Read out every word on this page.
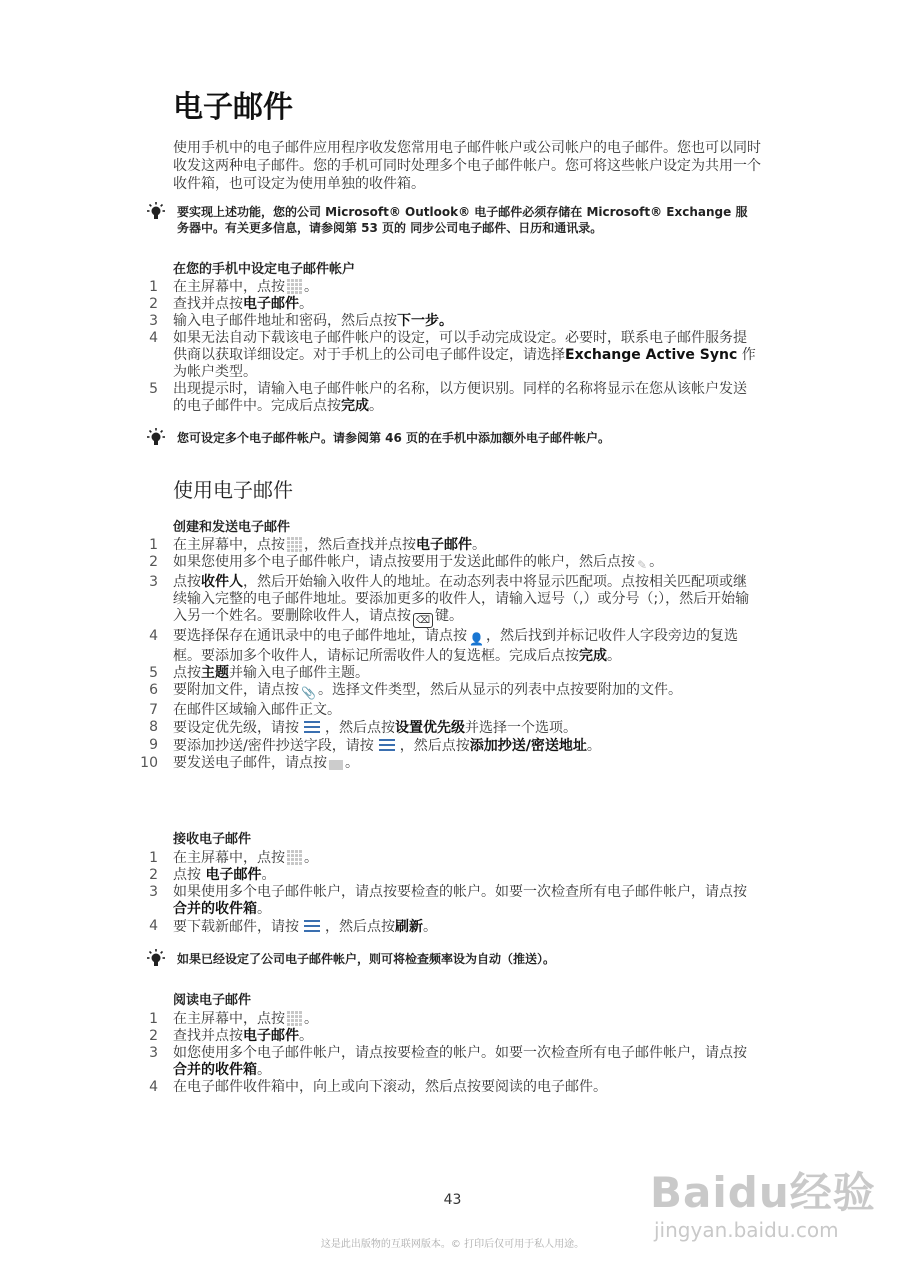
电子邮件

使用手机中的电子邮件应用程序收发您常用电子邮件帐户或公司帐户的电子邮件。您也可以同时收发这两种电子邮件。您的手机可同时处理多个电子邮件帐户。您可将这些帐户设定为共用一个收件箱，也可设定为使用单独的收件箱。

要实现上述功能，您的公司 Microsoft® Outlook® 电子邮件必须存储在 Microsoft® Exchange 服务器中。有关更多信息，请参阅第 53 页的 同步公司电子邮件、日历和通讯录。
在您的手机中设定电子邮件帐户
1 在主屏幕中，点按 。
2 查找并点按电子邮件。
3 输入电子邮件地址和密码，然后点按下一步。
4 如果无法自动下载该电子邮件帐户的设定，可以手动完成设定。必要时，联系电子邮件服务提供商以获取详细设定。对于手机上的公司电子邮件设定，请选择Exchange Active Sync 作为帐户类型。
5 出现提示时，请输入电子邮件帐户的名称，以方便识别。同样的名称将显示在您从该帐户发送的电子邮件中。完成后点按完成。
您可设定多个电子邮件帐户。请参阅第 46 页的在手机中添加额外电子邮件帐户。
使用电子邮件
创建和发送电子邮件
1 在主屏幕中，点按 ，然后查找并点按电子邮件。
2 如果您使用多个电子邮件帐户，请点按要用于发送此邮件的帐户，然后点按 ✎ 。
3 点按收件人，然后开始输入收件人的地址。在动态列表中将显示匹配项。点按相关匹配项或继续输入完整的电子邮件地址。要添加更多的收件人，请输入逗号（,）或分号（;），然后开始输入另一个姓名。要删除收件人，请点按 ⌫ 键。
4 要选择保存在通讯录中的电子邮件地址，请点按 👤 ，然后找到并标记收件人字段旁边的复选框。要添加多个收件人，请标记所需收件人的复选框。完成后点按完成。
5 点按主题并输入电子邮件主题。
6 要附加文件，请点按 📎 。选择文件类型，然后从显示的列表中点按要附加的文件。
7 在邮件区域输入邮件正文。
8 要设定优先级，请按 ，然后点按设置优先级并选择一个选项。
9 要添加抄送/密件抄送字段，请按 ，然后点按添加抄送/密送地址。
10 要发送电子邮件，请点按 。
接收电子邮件
1 在主屏幕中，点按 。
2 点按 电子邮件。
3 如果使用多个电子邮件帐户，请点按要检查的帐户。如要一次检查所有电子邮件帐户，请点按合并的收件箱。
4 要下载新邮件，请按 ，然后点按刷新。
如果已经设定了公司电子邮件帐户，则可将检查频率设为自动（推送）。
阅读电子邮件
1 在主屏幕中，点按 。
2 查找并点按电子邮件。
3 如您使用多个电子邮件帐户，请点按要检查的帐户。如要一次检查所有电子邮件帐户，请点按合并的收件箱。
4 在电子邮件收件箱中，向上或向下滚动，然后点按要阅读的电子邮件。
43
这是此出版物的互联网版本。© 打印后仅可用于私人用途。
Baidu经验
jingyan.baidu.com
